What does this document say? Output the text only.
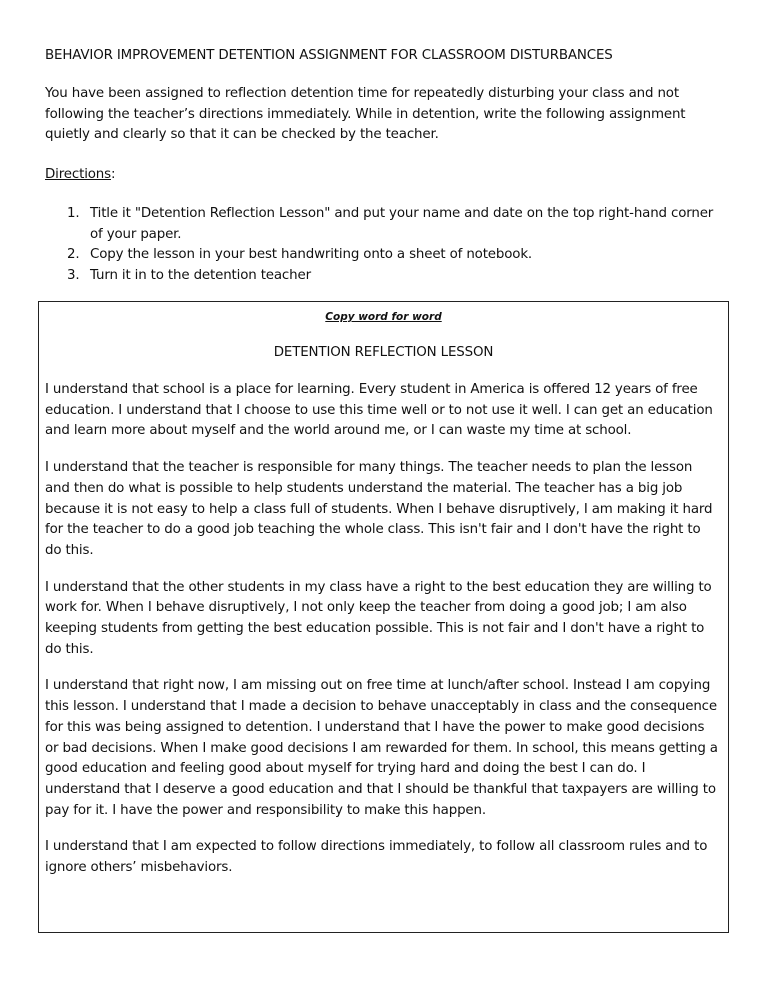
BEHAVIOR IMPROVEMENT DETENTION ASSIGNMENT FOR CLASSROOM DISTURBANCES

You have been assigned to reflection detention time for repeatedly disturbing your class and not following the teacher’s directions immediately. While in detention, write the following assignment quietly and clearly so that it can be checked by the teacher.

Directions:
1. Title it "Detention Reflection Lesson" and put your name and date on the top right-hand corner of your paper.
2. Copy the lesson in your best handwriting onto a sheet of notebook.
3. Turn it in to the detention teacher
Copy word for word
DETENTION REFLECTION LESSON

I understand that school is a place for learning. Every student in America is offered 12 years of free education. I understand that I choose to use this time well or to not use it well. I can get an education and learn more about myself and the world around me, or I can waste my time at school.

I understand that the teacher is responsible for many things. The teacher needs to plan the lesson and then do what is possible to help students understand the material. The teacher has a big job because it is not easy to help a class full of students. When I behave disruptively, I am making it hard for the teacher to do a good job teaching the whole class. This isn't fair and I don't have the right to do this.

I understand that the other students in my class have a right to the best education they are willing to work for. When I behave disruptively, I not only keep the teacher from doing a good job; I am also keeping students from getting the best education possible. This is not fair and I don't have a right to do this.

I understand that right now, I am missing out on free time at lunch/after school. Instead I am copying this lesson. I understand that I made a decision to behave unacceptably in class and the consequence for this was being assigned to detention. I understand that I have the power to make good decisions or bad decisions. When I make good decisions I am rewarded for them. In school, this means getting a good education and feeling good about myself for trying hard and doing the best I can do. I understand that I deserve a good education and that I should be thankful that taxpayers are willing to pay for it. I have the power and responsibility to make this happen.

I understand that I am expected to follow directions immediately, to follow all classroom rules and to ignore others’ misbehaviors.
